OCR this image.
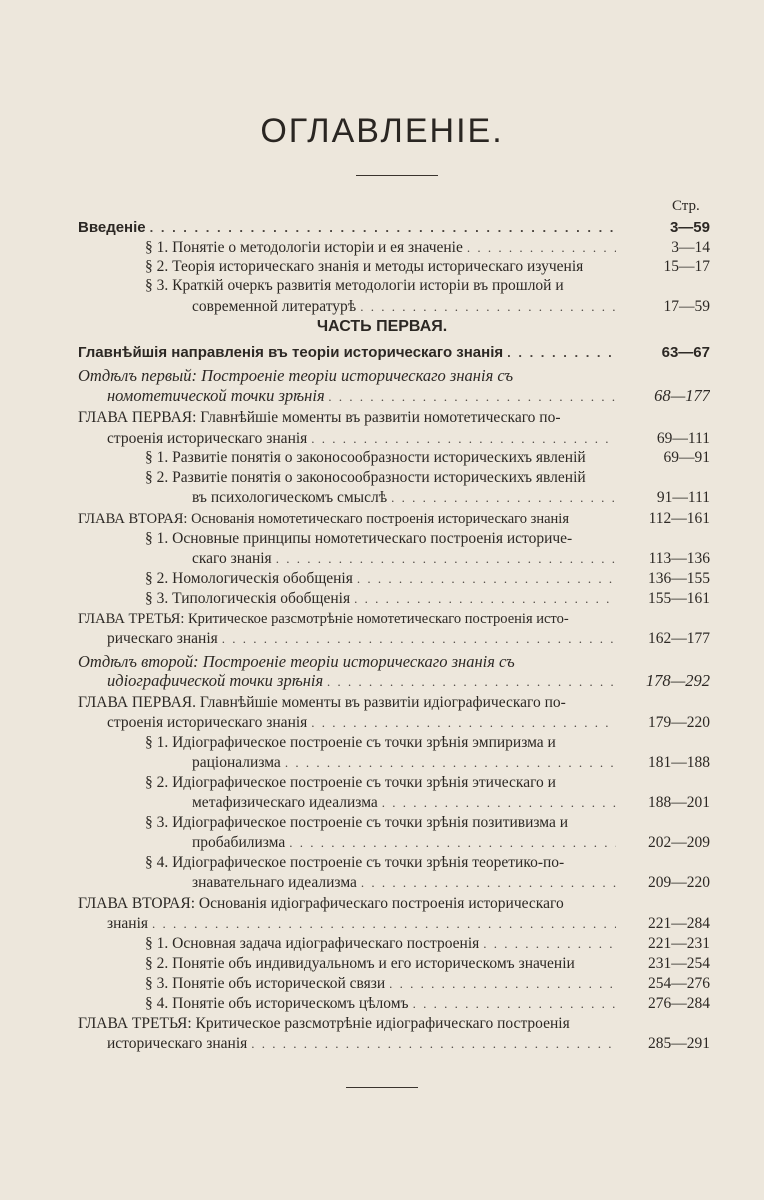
ОГЛАВЛЕНІЕ.
Стр.
Введеніе . . .	3—59
§ 1. Понятіе о методологіи исторіи и ея значеніе . . .	3—14
§ 2. Теорія историческаго знанія и методы историческаго изученія	15—17
§ 3. Краткій очеркъ развитія методологіи исторіи въ прошлой и
современной литературѣ . . .	17—59
ЧАСТЬ ПЕРВАЯ.
Главнѣйшія направленія въ теоріи историческаго знанія . . .	63—67
Отдѣлъ первый: Построеніе теоріи историческаго знанія съ
номотетической точки зрѣнія . . .	68—177
ГЛАВА ПЕРВАЯ: Главнѣйшіе моменты въ развитіи номотетическаго по-
строенія историческаго знанія . . .	69—111
§ 1. Развитіе понятія о законосообразности историческихъ явленій	69—91
§ 2. Развитіе понятія о законосообразности историческихъ явленій
въ психологическомъ смыслѣ . . .	91—111
ГЛАВА ВТОРАЯ: Основанія номотетическаго построенія историческаго знанія	112—161
§ 1. Основные принципы номотетическаго построенія историче-
скаго знанія . . .	113—136
§ 2. Номологическія обобщенія . . .	136—155
§ 3. Типологическія обобщенія . . .	155—161
ГЛАВА ТРЕТЬЯ: Критическое разсмотрѣніе номотетическаго построенія исто-
рическаго знанія . . .	162—177
Отдѣлъ второй: Построеніе теоріи историческаго знанія съ
идіографической точки зрѣнія . . .	178—292
ГЛАВА ПЕРВАЯ. Главнѣйшіе моменты въ развитіи идіографическаго по-
строенія историческаго знанія . . .	179—220
§ 1. Идіографическое построеніе съ точки зрѣнія эмпиризма и
раціонализма . . .	181—188
§ 2. Идіографическое построеніе съ точки зрѣнія этическаго и
метафизическаго идеализма . . .	188—201
§ 3. Идіографическое построеніе съ точки зрѣнія позитивизма и
пробабилизма . . .	202—209
§ 4. Идіографическое построеніе съ точки зрѣнія теоретико-по-
знавательнаго идеализма . . .	209—220
ГЛАВА ВТОРАЯ: Основанія идіографическаго построенія историческаго
знанія . . .	221—284
§ 1. Основная задача идіографическаго построенія . . .	221—231
§ 2. Понятіе объ индивидуальномъ и его историческомъ значеніи	231—254
§ 3. Понятіе объ исторической связи . . .	254—276
§ 4. Понятіе объ историческомъ цѣломъ . . .	276—284
ГЛАВА ТРЕТЬЯ: Критическое разсмотрѣніе идіографическаго построенія
историческаго знанія . . .	285—291
